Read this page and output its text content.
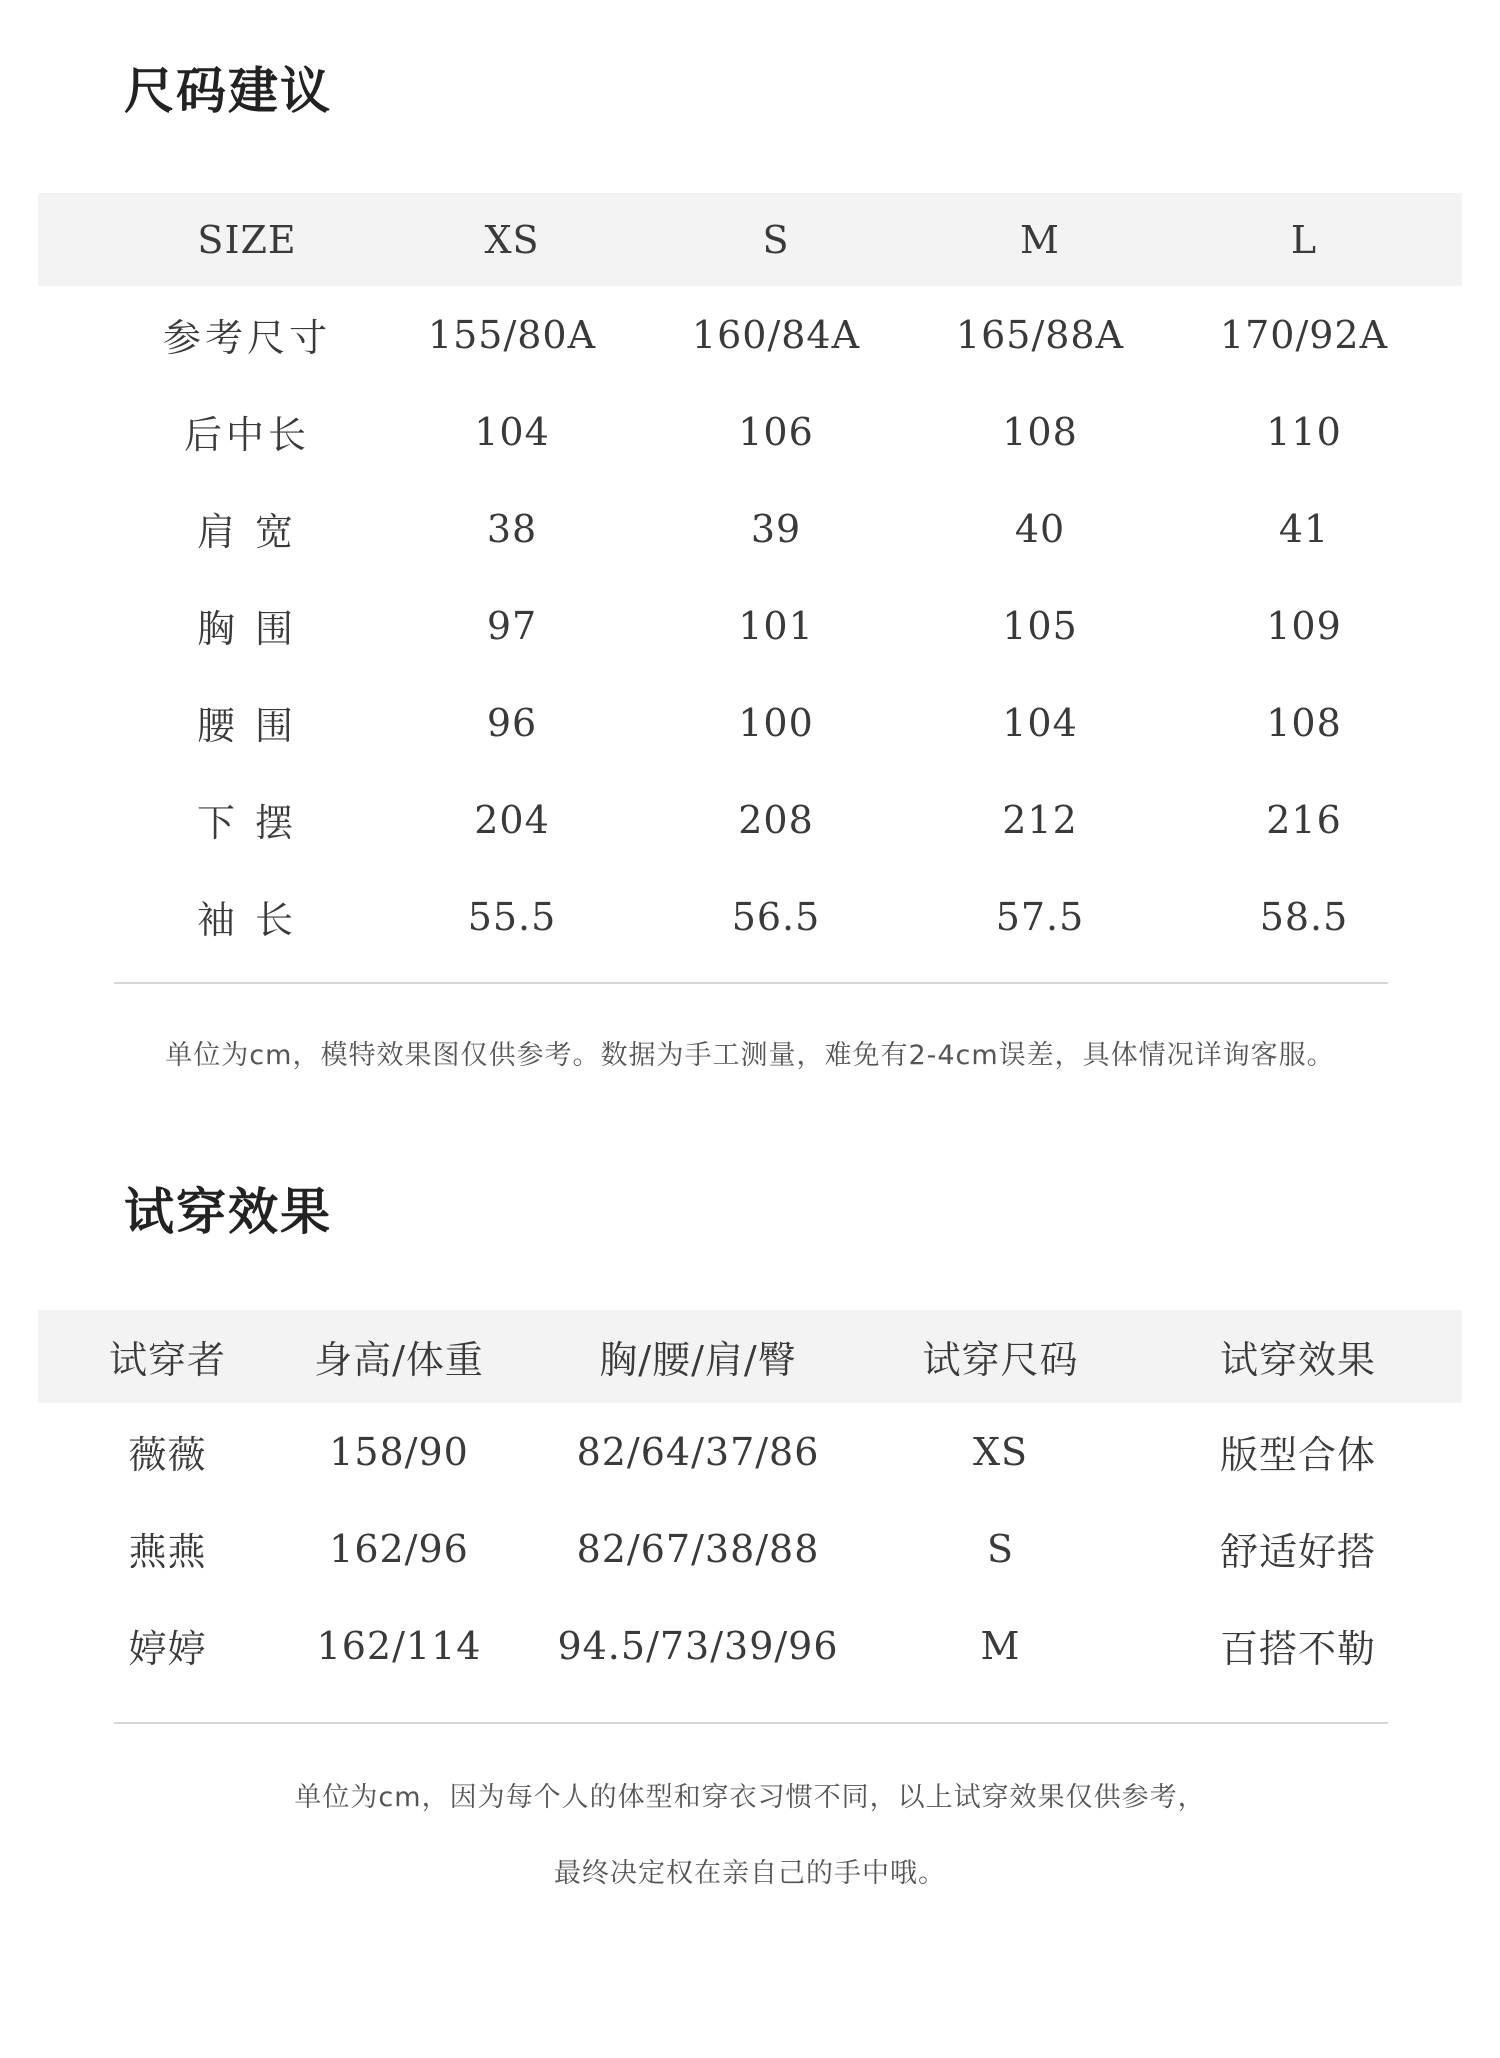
尺码建议
SIZE	XS	S	M	L
参考尺寸	155/80A	160/84A	165/88A	170/92A
后中长	104	106	108	110
肩 宽	38	39	40	41
胸 围	97	101	105	109
腰 围	96	100	104	108
下 摆	204	208	212	216
袖 长	55.5	56.5	57.5	58.5

单位为cm，模特效果图仅供参考。数据为手工测量，难免有2-4cm误差，具体情况详询客服。

试穿效果
试穿者	身高/体重	胸/腰/肩/臀	试穿尺码	试穿效果
薇薇	158/90	82/64/37/86	XS	版型合体
燕燕	162/96	82/67/38/88	S	舒适好搭
婷婷	162/114	94.5/73/39/96	M	百搭不勒

单位为cm，因为每个人的体型和穿衣习惯不同，以上试穿效果仅供参考，

最终决定权在亲自己的手中哦。
